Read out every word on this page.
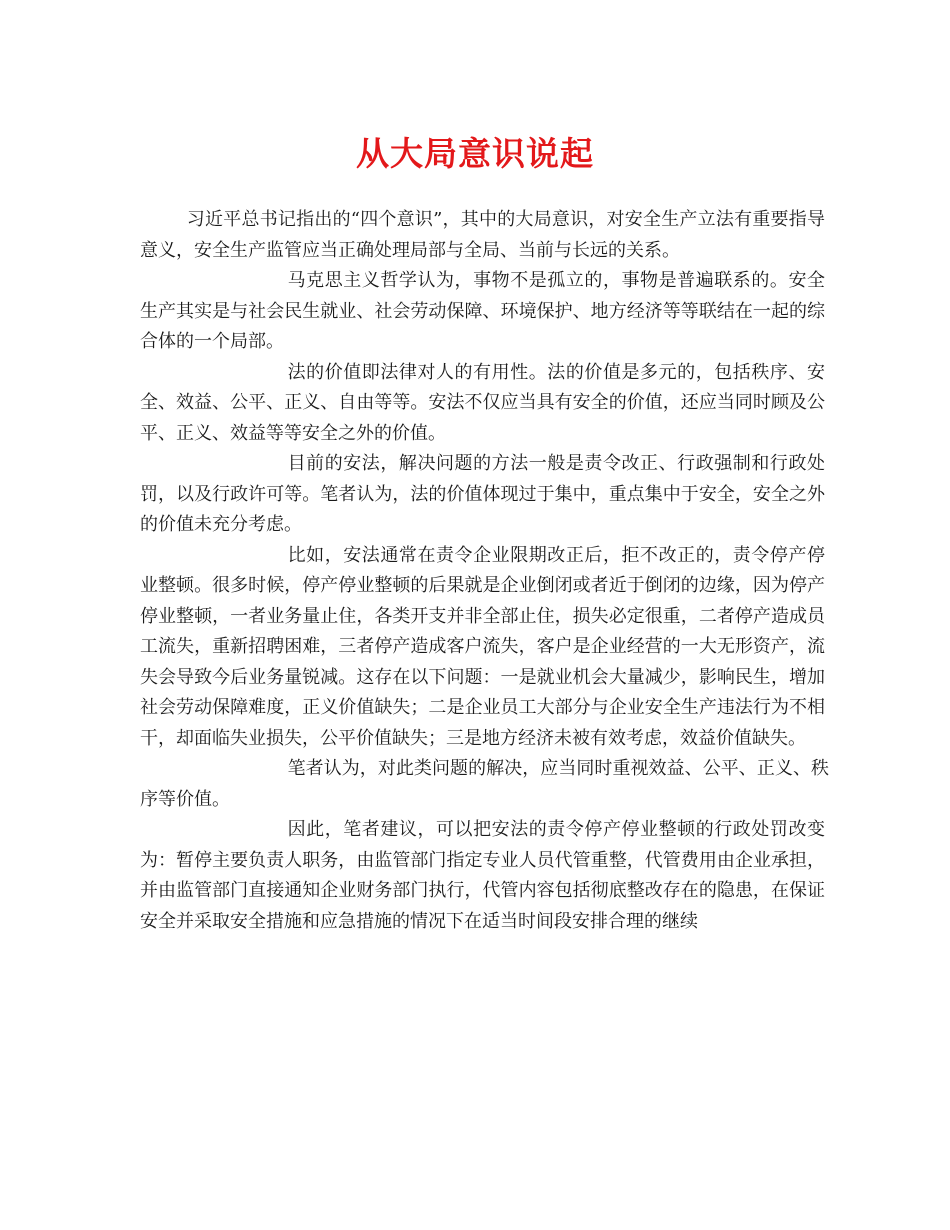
从大局意识说起

习近平总书记指出的“四个意识”，其中的大局意识，对安全生产立法有重要指导意义，安全生产监管应当正确处理局部与全局、当前与长远的关系。

马克思主义哲学认为，事物不是孤立的，事物是普遍联系的。安全生产其实是与社会民生就业、社会劳动保障、环境保护、地方经济等等联结在一起的综合体的一个局部。

法的价值即法律对人的有用性。法的价值是多元的，包括秩序、安全、效益、公平、正义、自由等等。安法不仅应当具有安全的价值，还应当同时顾及公平、正义、效益等等安全之外的价值。

目前的安法，解决问题的方法一般是责令改正、行政强制和行政处罚，以及行政许可等。笔者认为，法的价值体现过于集中，重点集中于安全，安全之外的价值未充分考虑。

比如，安法通常在责令企业限期改正后，拒不改正的，责令停产停业整顿。很多时候，停产停业整顿的后果就是企业倒闭或者近于倒闭的边缘，因为停产停业整顿，一者业务量止住，各类开支并非全部止住，损失必定很重，二者停产造成员工流失，重新招聘困难，三者停产造成客户流失，客户是企业经营的一大无形资产，流失会导致今后业务量锐减。这存在以下问题：一是就业机会大量减少，影响民生，增加社会劳动保障难度，正义价值缺失；二是企业员工大部分与企业安全生产违法行为不相干，却面临失业损失，公平价值缺失；三是地方经济未被有效考虑，效益价值缺失。

笔者认为，对此类问题的解决，应当同时重视效益、公平、正义、秩序等价值。

因此，笔者建议，可以把安法的责令停产停业整顿的行政处罚改变为：暂停主要负责人职务，由监管部门指定专业人员代管重整，代管费用由企业承担，并由监管部门直接通知企业财务部门执行，代管内容包括彻底整改存在的隐患，在保证安全并采取安全措施和应急措施的情况下在适当时间段安排合理的继续
